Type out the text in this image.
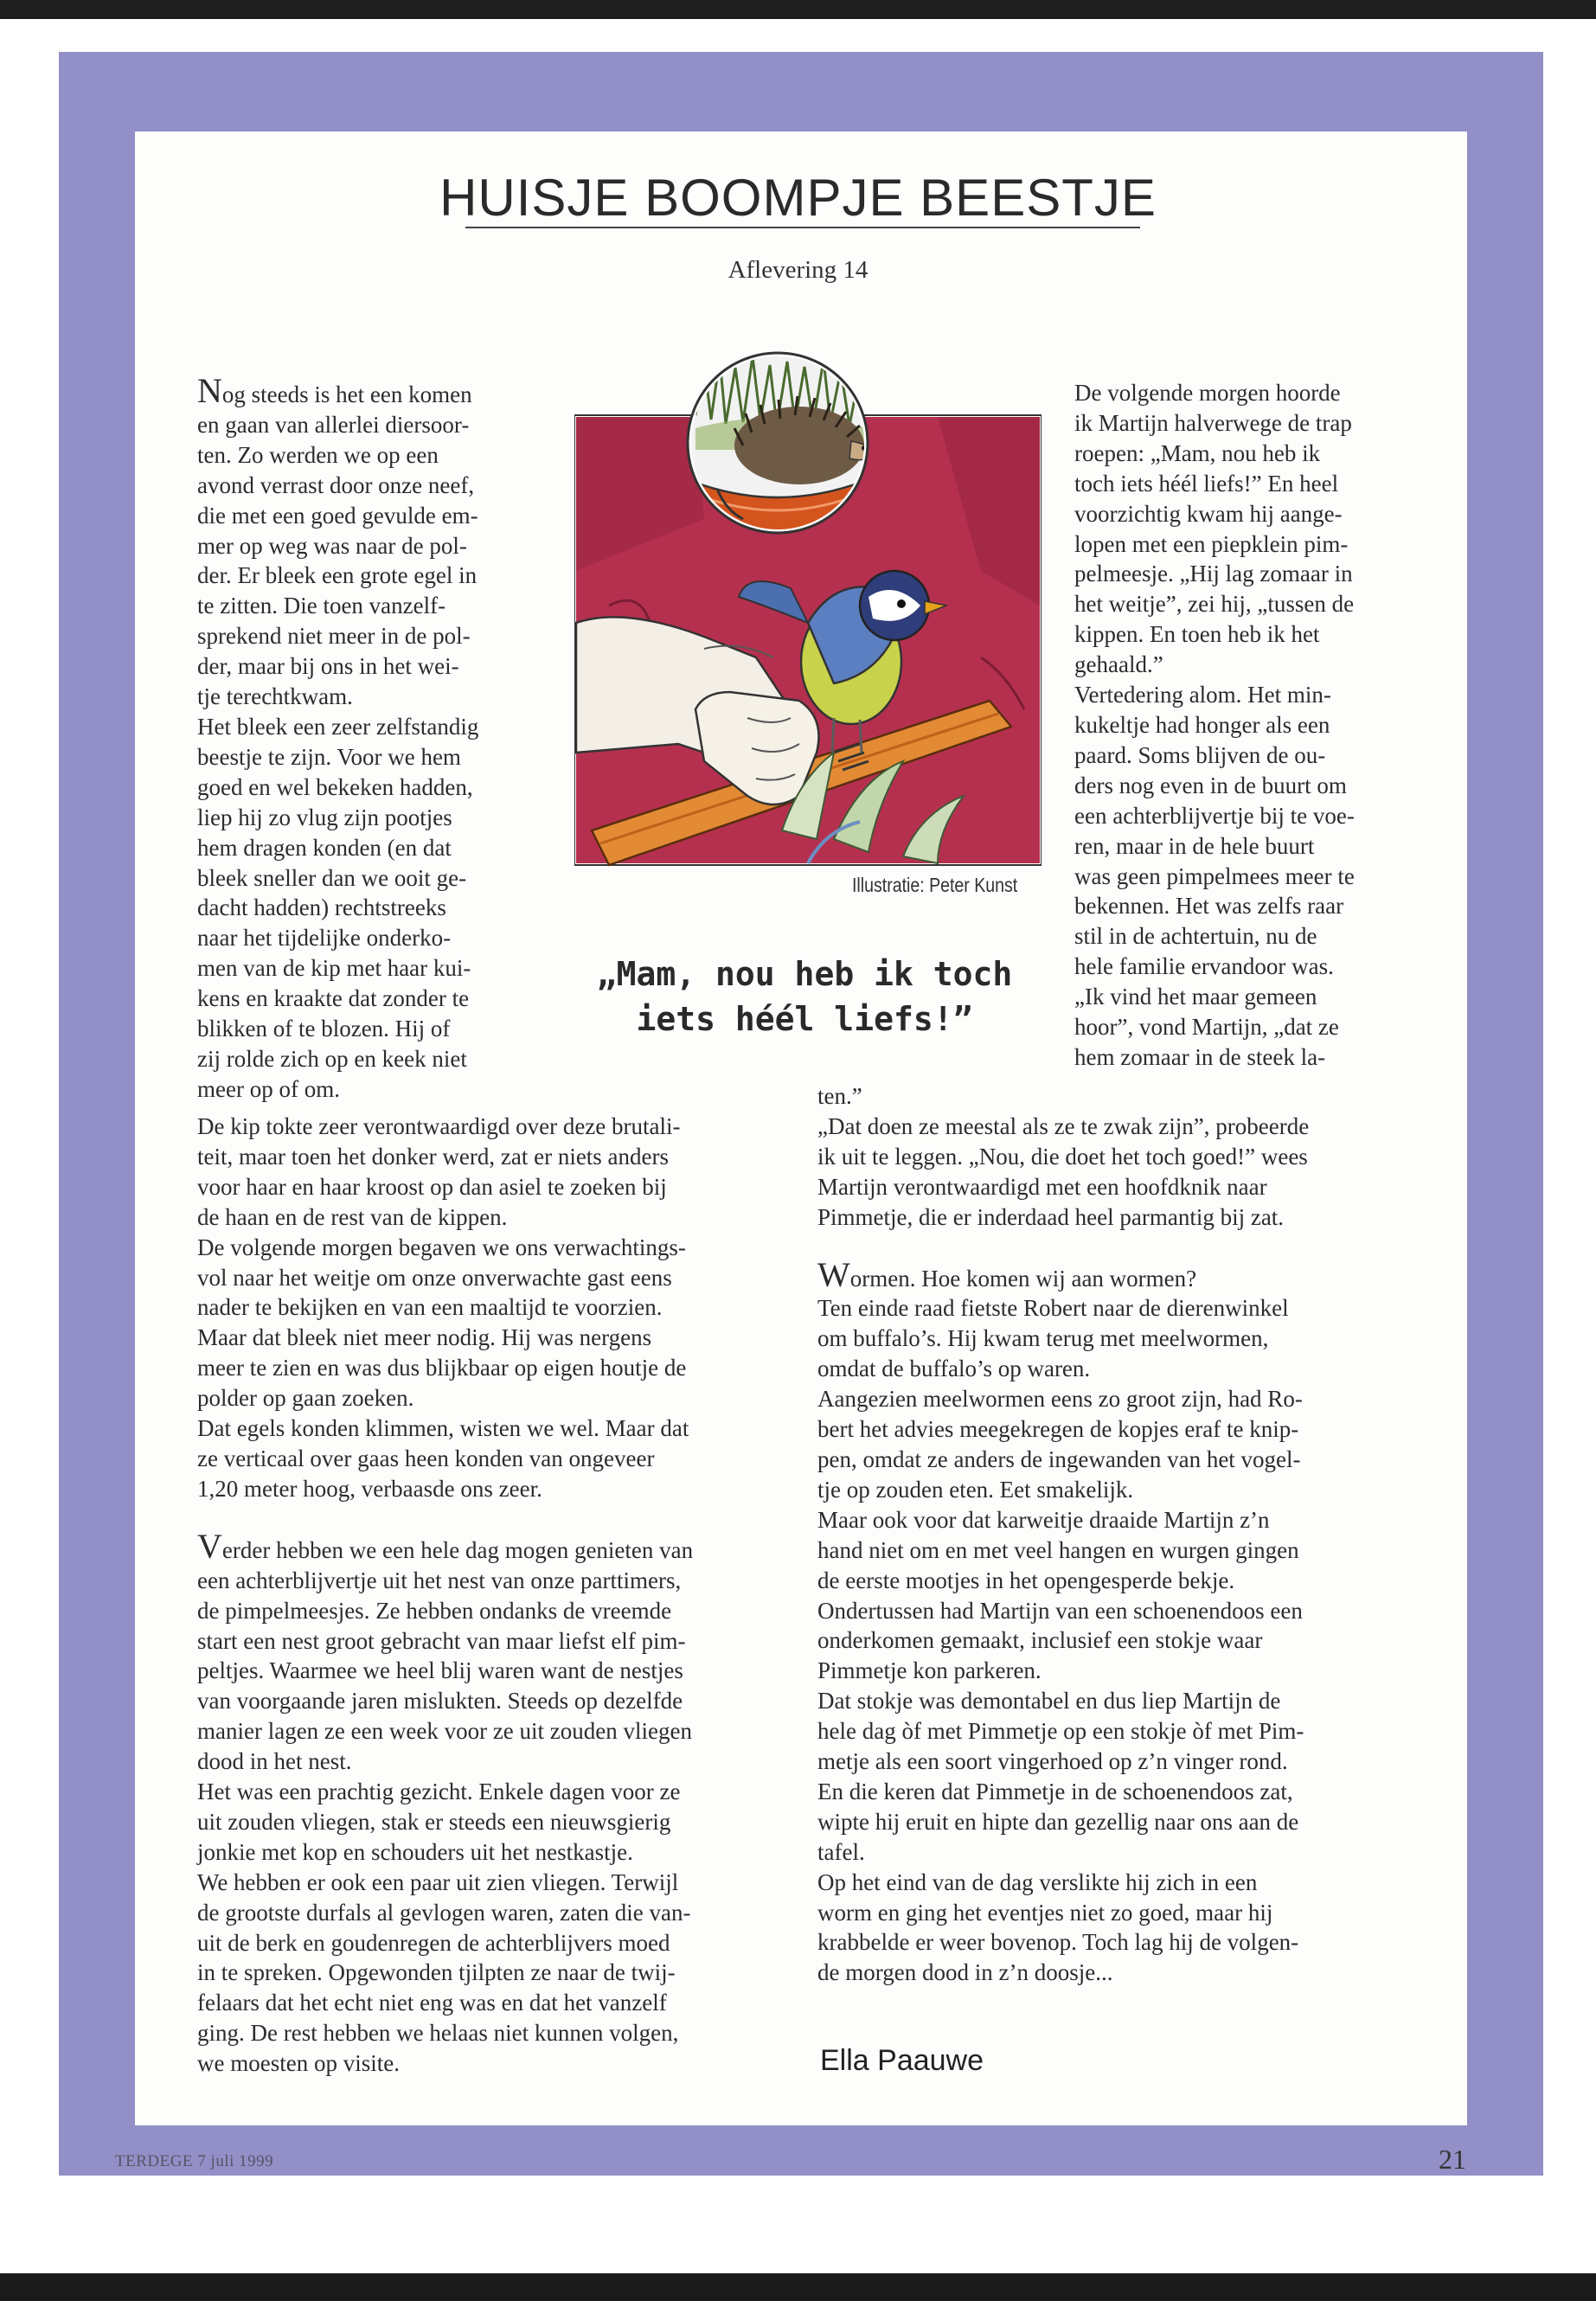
HUISJE BOOMPJE BEESTJE
Aflevering 14

Nog steeds is het een komen
en gaan van allerlei diersoor-
ten. Zo werden we op een
avond verrast door onze neef,
die met een goed gevulde em-
mer op weg was naar de pol-
der. Er bleek een grote egel in
te zitten. Die toen vanzelf-
sprekend niet meer in de pol-
der, maar bij ons in het wei-
tje terechtkwam.

Het bleek een zeer zelfstandig
beestje te zijn. Voor we hem
goed en wel bekeken hadden,
liep hij zo vlug zijn pootjes
hem dragen konden (en dat
bleek sneller dan we ooit ge-
dacht hadden) rechtstreeks
naar het tijdelijke onderko-
men van de kip met haar kui-
kens en kraakte dat zonder te
blikken of te blozen. Hij of
zij rolde zich op en keek niet
meer op of om.

Illustratie: Peter Kunst
„Mam, nou heb ik toch
iets héél liefs!”

De volgende morgen hoorde
ik Martijn halverwege de trap
roepen: „Mam, nou heb ik
toch iets héél liefs!” En heel
voorzichtig kwam hij aange-
lopen met een piepklein pim-
pelmeesje. „Hij lag zomaar in
het weitje”, zei hij, „tussen de
kippen. En toen heb ik het
gehaald.”

Vertedering alom. Het min-
kukeltje had honger als een
paard. Soms blijven de ou-
ders nog even in de buurt om
een achterblijvertje bij te voe-
ren, maar in de hele buurt
was geen pimpelmees meer te
bekennen. Het was zelfs raar
stil in de achtertuin, nu de
hele familie ervandoor was.
„Ik vind het maar gemeen
hoor”, vond Martijn, „dat ze
hem zomaar in de steek la-

De kip tokte zeer verontwaardigd over deze brutali-
teit, maar toen het donker werd, zat er niets anders
voor haar en haar kroost op dan asiel te zoeken bij
de haan en de rest van de kippen.

De volgende morgen begaven we ons verwachtings-
vol naar het weitje om onze onverwachte gast eens
nader te bekijken en van een maaltijd te voorzien.
Maar dat bleek niet meer nodig. Hij was nergens
meer te zien en was dus blijkbaar op eigen houtje de
polder op gaan zoeken.

Dat egels konden klimmen, wisten we wel. Maar dat
ze verticaal over gaas heen konden van ongeveer
1,20 meter hoog, verbaasde ons zeer.

Verder hebben we een hele dag mogen genieten van
een achterblijvertje uit het nest van onze parttimers,
de pimpelmeesjes. Ze hebben ondanks de vreemde
start een nest groot gebracht van maar liefst elf pim-
peltjes. Waarmee we heel blij waren want de nestjes
van voorgaande jaren mislukten. Steeds op dezelfde
manier lagen ze een week voor ze uit zouden vliegen
dood in het nest.

Het was een prachtig gezicht. Enkele dagen voor ze
uit zouden vliegen, stak er steeds een nieuwsgierig
jonkie met kop en schouders uit het nestkastje.

We hebben er ook een paar uit zien vliegen. Terwijl
de grootste durfals al gevlogen waren, zaten die van-
uit de berk en goudenregen de achterblijvers moed
in te spreken. Opgewonden tjilpten ze naar de twij-
felaars dat het echt niet eng was en dat het vanzelf
ging. De rest hebben we helaas niet kunnen volgen,
we moesten op visite.

ten.”

„Dat doen ze meestal als ze te zwak zijn”, probeerde
ik uit te leggen. „Nou, die doet het toch goed!” wees
Martijn verontwaardigd met een hoofdknik naar
Pimmetje, die er inderdaad heel parmantig bij zat.

Wormen. Hoe komen wij aan wormen?
Ten einde raad fietste Robert naar de dierenwinkel
om buffalo’s. Hij kwam terug met meelwormen,
omdat de buffalo’s op waren.

Aangezien meelwormen eens zo groot zijn, had Ro-
bert het advies meegekregen de kopjes eraf te knip-
pen, omdat ze anders de ingewanden van het vogel-
tje op zouden eten. Eet smakelijk.

Maar ook voor dat karweitje draaide Martijn z’n
hand niet om en met veel hangen en wurgen gingen
de eerste mootjes in het opengesperde bekje.

Ondertussen had Martijn van een schoenendoos een
onderkomen gemaakt, inclusief een stokje waar
Pimmetje kon parkeren.

Dat stokje was demontabel en dus liep Martijn de
hele dag òf met Pimmetje op een stokje òf met Pim-
metje als een soort vingerhoed op z’n vinger rond.

En die keren dat Pimmetje in de schoenendoos zat,
wipte hij eruit en hipte dan gezellig naar ons aan de
tafel.

Op het eind van de dag verslikte hij zich in een
worm en ging het eventjes niet zo goed, maar hij
krabbelde er weer bovenop. Toch lag hij de volgen-
de morgen dood in z’n doosje...

Ella Paauwe
TERDEGE 7 juli 1999	21
